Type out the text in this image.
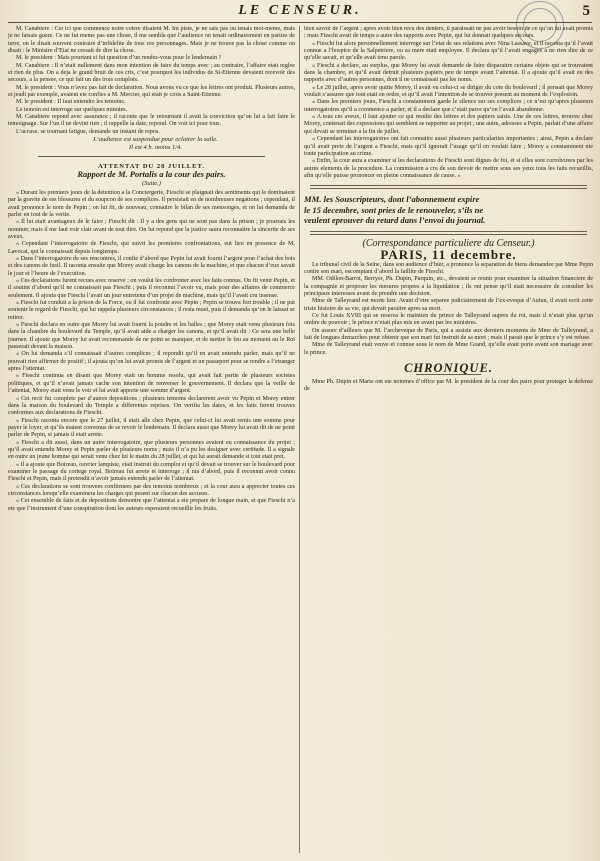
LE CENSEUR.	5

M. Canabiere : Cet ici que commence notre colere disaient M. Im piste, je ne sais pas ou tenais moi-meme, mais je ne faisais guere. Ce ne fut meme pas une chose, il me sembla que l’audience on tenait ordinairement en parties de terre, on le disait souvent contraire d’infidelite de tous ces personnages. Mais je ne trouve pas la chose comme on disait : le Ministre d’Etat ne cessait de dire la chose.

M. le president : Mais pourtant si fut question d’un rendez-vous pour le lendemain ?

M. Canabiere : Il n’etait nullement dans mon intention de faire du temps avec ; au contraire, l’affaire etait reglee et rien de plus. On a deja le grand bruit de ces cris, c’est pourquoi les individus de St-Etienne devaient recevoir des secours, a la pensee, ce qui fait un des trois complots.

M. le president : Vous n’avez pas fait de declaration. Nous avons vu ce que les lettres ont produit. Plusieurs autres, et jeudi par exemple, avaient ete confies a M. Mercier, qui etait je crois a Saint-Etienne.

M. le president : Il faut entendre les temoins.

Le temoin est interroge sur quelques minutes.

M. Canabiere repond avec assurance ; il raconte que le retournant il avait la conviction qu’on lui a fait faire le temoignage. Sur l’un il ne devint rien ; il rappelle la date, repond. On voit ici pour tous.

L’accuse, se tournant fatigue, demande un instant de repos.

L’audience est suspendue pour eclairer la salle.

Il est 4 h. moins 1/4.

ATTENTAT DU 28 JUILLET.
Rapport de M. Portalis a la cour des pairs.
(Suite.)

« Durant les premiers jours de la detention a la Conciergerie, Fieschi se plaignait des sentiments qui le dominaient par la gravite de ses blessures et du soupcon de ses complices. Il persistait en de nombreuses negations ; cependant, il avait prononce le nom de Pepin ; on lui fit, de nouveau, connaitre le bilan de ses mensonges, et on lui demanda de parler en tout de la verite.

« Il lui etait avantageux de le faire ; Fieschi dit : Il y a des gens qui ne sont pas dans la prison ; je pourrais les nommer, mais il me faut voir clair avant de tout dire. On lui repond que la justice saura reconnaitre la sincerite de ses aveux.

« Cependant l’interrogatoire de Fieschi, qui suivit les premieres confrontations, eut lieu en presence de M. Lavocat, qui le connaissait depuis longtemps.

« Dans l’interrogatoire de ses rencontres, il confie d’abord que Pepin lui avait fourni l’argent pour l’achat des bois et des canons de fusil. Il raconta ensuite que Morey avait charge les canons de la machine, et que chacun d’eux savait le jour et l’heure de l’execution.

« Ces declarations furent recues avec reserve ; on voulut les confronter avec les faits connus. On fit venir Pepin, et il soutint d’abord qu’il ne connaissait pas Fieschi ; puis il reconnut l’avoir vu, mais pour des affaires de commerce seulement. Il ajouta que Fieschi l’avait un jour entretenu d’un projet de machine, mais qu’il l’avait cru insense.

« Fieschi fut conduit a la prison de la Force, ou il fut confronte avec Pepin ; Pepin se trouva fort trouble ; il ne put soutenir le regard de Fieschi, qui lui rappela plusieurs circonstances ; il resta muet, puis il demanda qu’on le laissat se retirer.

« Fieschi declara en outre que Morey lui avait fourni la poudre et les balles ; que Morey etait venu plusieurs fois dans la chambre du boulevard du Temple, qu’il avait aide a charger les canons, et qu’il avait dit : Ce sera une belle journee. Il ajoute que Morey lui avait recommande de ne point se manquer, et de mettre le feu au moment ou le Roi passerait devant la maison.

« On lui demanda s’il connaissait d’autres complices ; il repondit qu’il en avait entendu parler, mais qu’il ne pouvait rien affirmer de positif ; il ajouta qu’on lui avait promis de l’argent et un passeport pour se rendre a l’etranger apres l’attentat.

« Fieschi continua en disant que Morey etait un homme resolu, qui avait fait partie de plusieurs societes politiques, et qu’il n’avait jamais cache son intention de renverser le gouvernement. Il declara que la veille de l’attentat, Morey etait venu le voir et lui avait apporte une somme d’argent.

« Cet recit fut complete par d’autres depositions ; plusieurs temoins declarerent avoir vu Pepin et Morey entrer dans la maison du boulevard du Temple a differentes reprises. On verifia les dates, et les faits furent trouves conformes aux declarations de Fieschi.

« Fieschi raconta encore que le 27 juillet, il etait alle chez Pepin, que celui-ci lui avait remis une somme pour payer le loyer, et qu’ils etaient convenus de se revoir le lendemain. Il declara aussi que Morey lui avait dit de ne point parler de Pepin, si jamais il etait arrete.

« Fieschi a dit aussi, dans un autre interrogatoire, que plusieurs personnes avaient eu connaissance du projet ; qu’il avait entendu Morey et Pepin parler de plusieurs noms ; mais il n’a pu les designer avec certitude. Il a signale en outre un jeune homme qui serait venu chez lui le matin du 28 juillet, et qui lui aurait demande si tout etait pret.

« Il a ajoute que Boireau, ouvrier lampiste, etait instruit du complot et qu’il devait se trouver sur le boulevard pour examiner le passage du cortege royal. Boireau fut arrete et interroge ; il nia d’abord, puis il reconnut avoir connu Fieschi et Pepin, mais il pretendit n’avoir jamais entendu parler de l’attentat.

« Ces declarations se sont trouvees confirmees par des temoins nombreux ; et la cour aura a apprecier toutes ces circonstances lorsqu’elle examinera les charges qui pesent sur chacun des accuses.

« Cet ensemble de faits et de depositions demontre que l’attentat a ete prepare de longue main, et que Fieschi n’a ete que l’instrument d’une conspiration dont les auteurs esperaient recueillir les fruits.

bien savoir de l’argent ; apres avoir bien recu des deniers, il paraissait ne pas avoir besoin de ce qu’on lui avait promis ; mais Fieschi avait de temps a autre des rapports avec Pepin, qui lui donnait quelques secours.

« Fieschi fut alors personnellement interroge sur l’etat de ses relations avec Nina Lassave, et il raconta qu’il l’avait connue a l’hospice de la Salpetriere, ou sa mere etait employee. Il declara qu’il l’avait engagee a ne rien dire de ce qu’elle savait, et qu’elle avait tenu parole.

« Fieschi a declare, au surplus, que Morey lui avait demande de faire disparaitre certains objets qui se trouvaient dans la chambre, et qu’il avait detruit plusieurs papiers peu de temps avant l’attentat. Il a ajoute qu’il avait eu des rapports avec d’autres personnes, dont il ne connaissait pas les noms.

« Le 28 juillet, apres avoir quitte Morey, il avait vu celui-ci se diriger du cote du boulevard ; il pensait que Morey voulait s’assurer que tout etait en ordre, et qu’il avait l’intention de se trouver present au moment de l’explosion.

« Dans les premiers jours, Fieschi a constamment garde le silence sur ses complices ; ce n’est qu’apres plusieurs interrogatoires qu’il a commence a parler, et il a declare que c’etait parce qu’on l’avait abandonne.

« A tous ces aveux, il faut ajouter ce qui resulte des lettres et des papiers saisis. Une de ces lettres, trouvee chez Morey, contenait des expressions qui semblent se rapporter au projet ; une autre, adressee a Pepin, parlait d’une affaire qui devait se terminer a la fin de juillet.

« Cependant les interrogatoires ont fait connaitre aussi plusieurs particularites importantes ; ainsi, Pepin a declare qu’il avait prete de l’argent a Fieschi, mais qu’il ignorait l’usage qu’il en voulait faire ; Morey a constamment nie toute participation au crime.

« Enfin, la cour aura a examiner si les declarations de Fieschi sont dignes de foi, et si elles sont corroborees par les autres elements de la procedure. La commission a cru de son devoir de mettre sous ses yeux tous les faits recueillis, afin qu’elle puisse prononcer en pleine connaissance de cause. »

MM. les Souscripteurs, dont l’abonnement expire
le 15 decembre, sont pries de le renouveler, s’ils ne
veulent eprouver du retard dans l’envoi du journal.
(Correspondance particuliere du Censeur.)
PARIS, 11 decembre.

Le tribunal civil de la Seine, dans son audience d’hier, a prononce la separation de biens demandee par Mme Pepin contre son mari, escomptant d’abord la faillite de Fieschi.

MM. Odilon-Barrot, Berryer, Ph. Dupin, Parquin, etc., devaient se reunir pour examiner la situation financiere de la compagnie et proposer les mesures propres a la liquidation ; ils ont pense qu’il etait necessaire de consulter les principaux interesses avant de prendre une decision.

Mme de Talleyrand est morte hier. Avant d’etre separee judiciairement de l’ex-eveque d’Autun, il avait ecrit cette triste histoire de sa vie, qui devait paraitre apres sa mort.

Ce fut Louis XVIII qui se reserva le maintien du prince de Talleyrand aupres du roi, mais il n’etait plus qu’un ombre de pouvoir ; le prince n’etait plus mis en avant par les ministres.

On assure d’ailleurs que M. l’archeveque de Paris, qui a assiste aux derniers moments de Mme de Talleyrand, a fait de longues demarches pour obtenir que son mari fut instruit de sa mort ; mais il parait que le prince s’y est refuse.

Mme de Talleyrand etait veuve et connue sous le nom de Mme Grand, qu’elle avait porte avant son mariage avec le prince.

CHRONIQUE.

Mme Ph. Dupin et Marie ont ete nommes d’office par M. le president de la cour des pairs pour proteger la defense de
